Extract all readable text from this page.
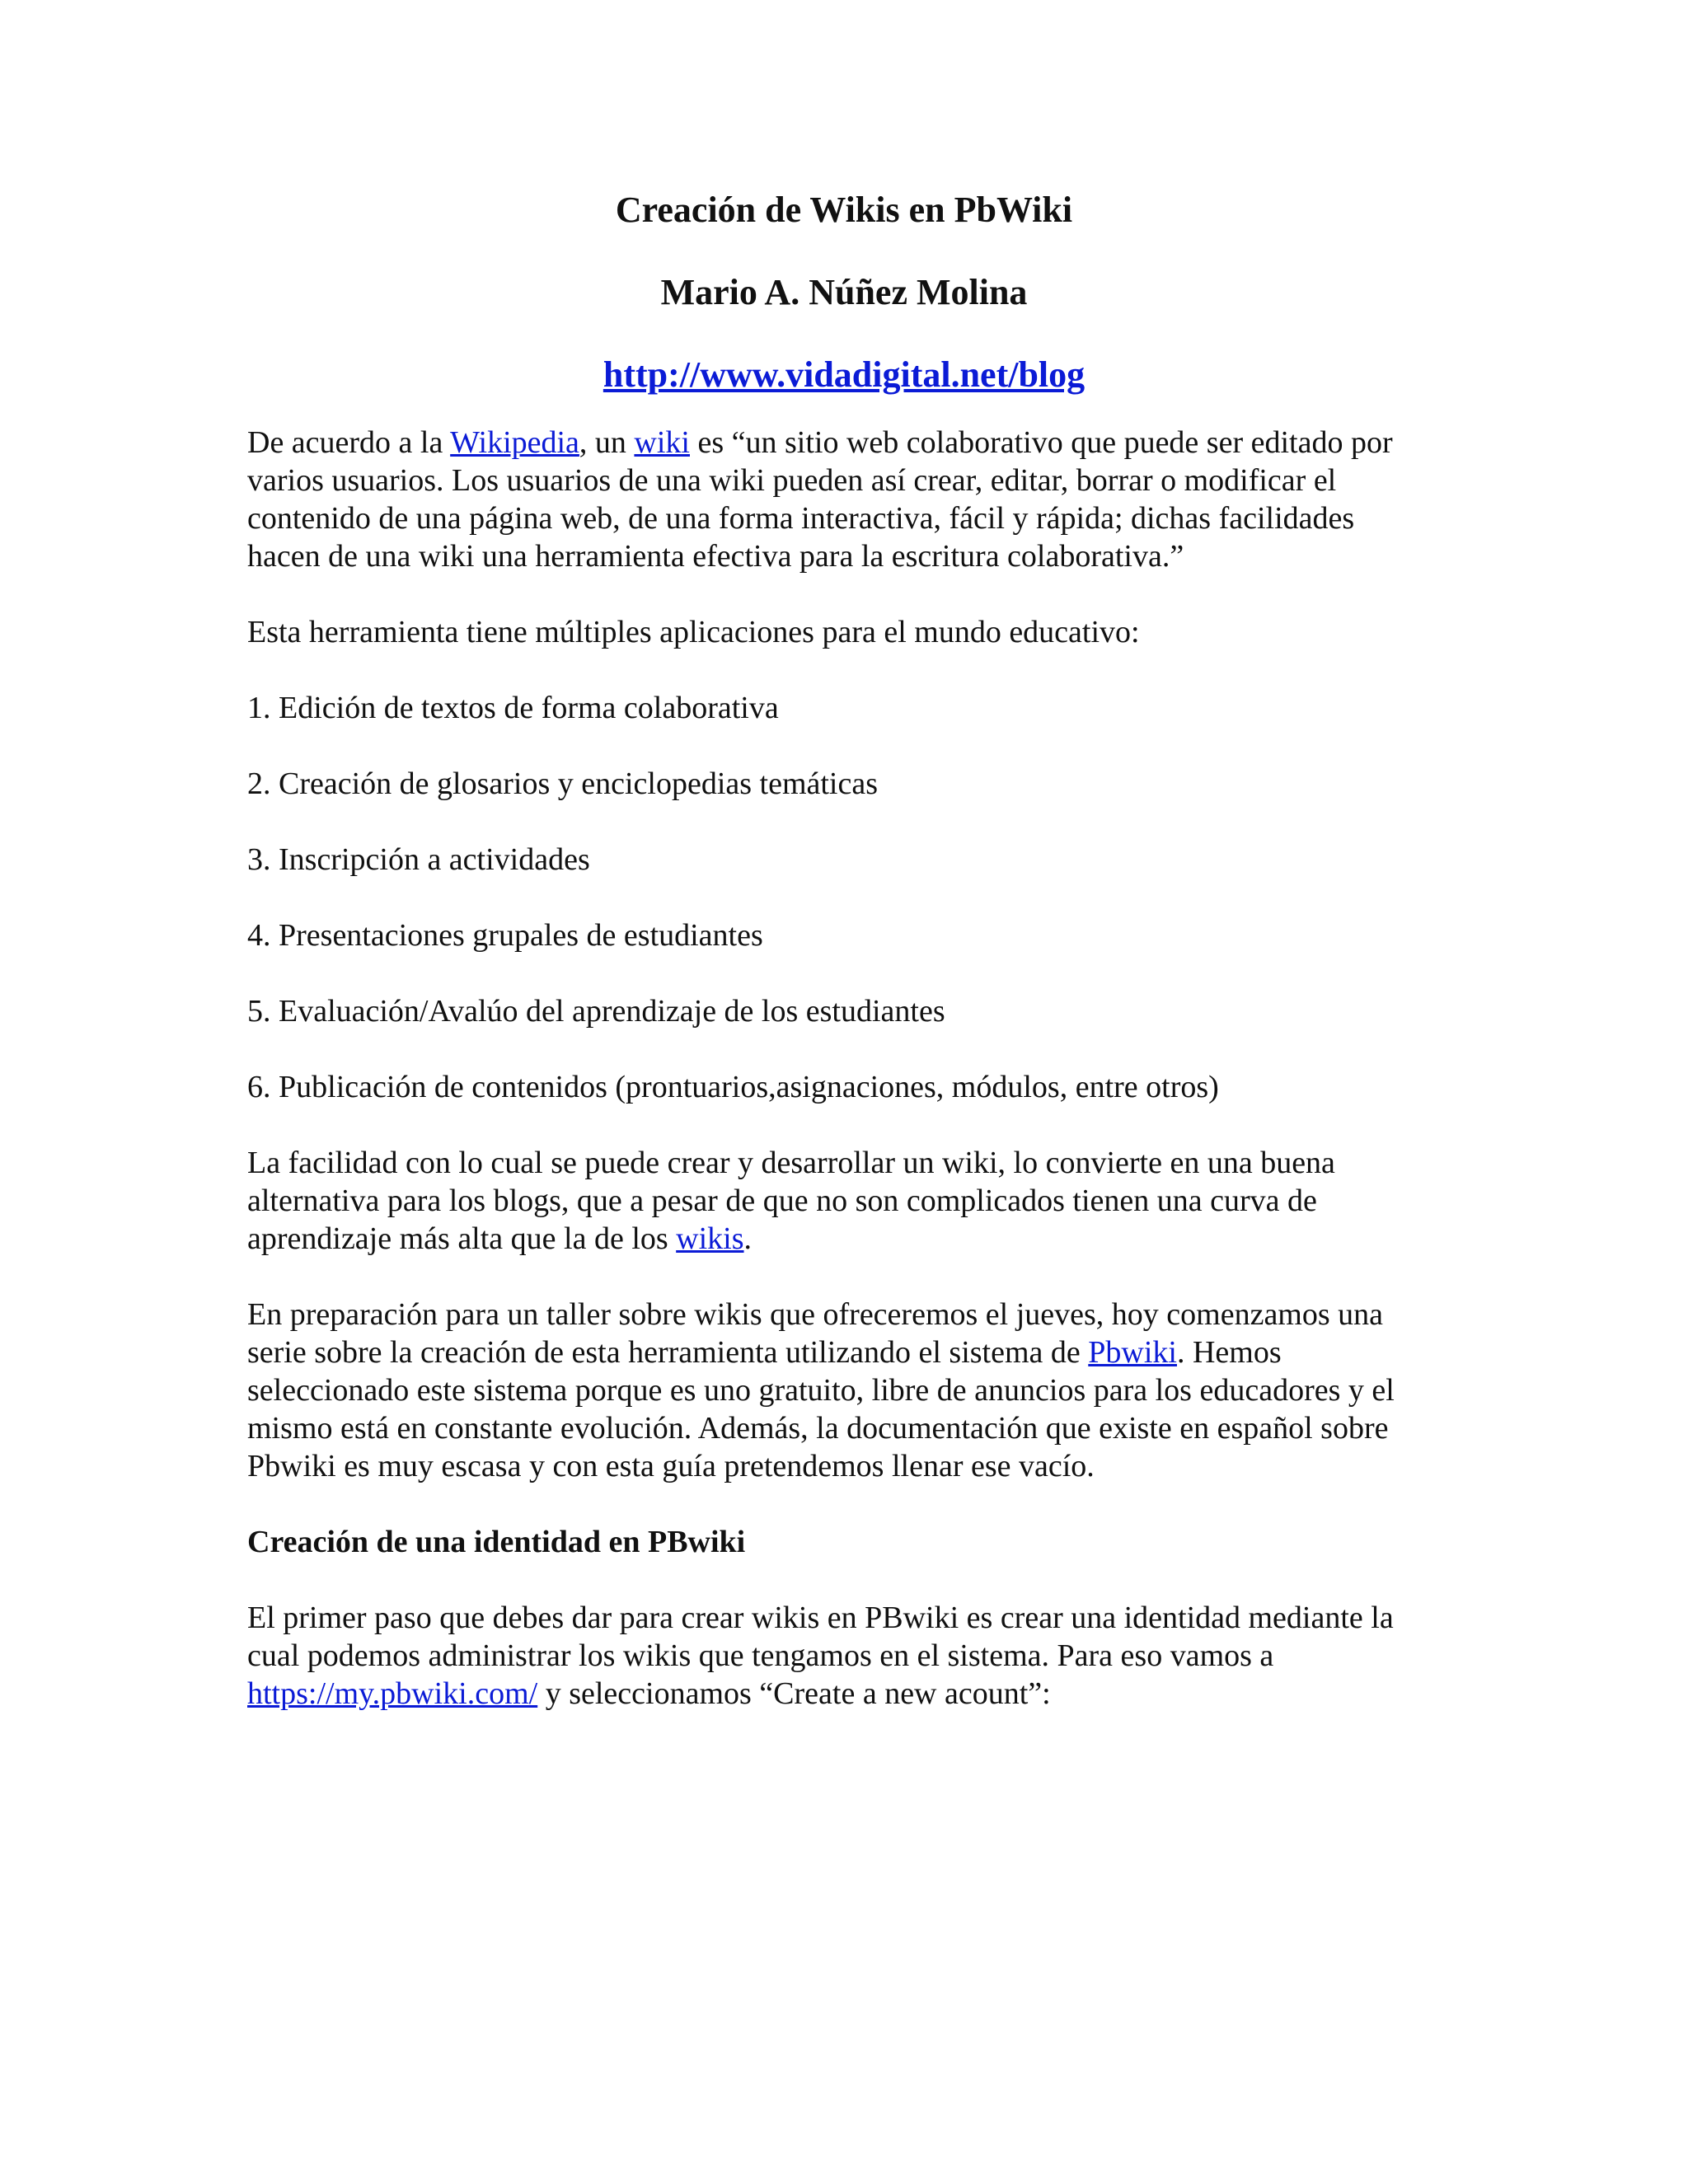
Creación de Wikis en PbWiki
Mario A. Núñez Molina
http://www.vidadigital.net/blog

De acuerdo a la Wikipedia, un wiki es “un sitio web colaborativo que puede ser editado por varios usuarios. Los usuarios de una wiki pueden así crear, editar, borrar o modificar el contenido de una página web, de una forma interactiva, fácil y rápida; dichas facilidades hacen de una wiki una herramienta efectiva para la escritura colaborativa.”

Esta herramienta tiene múltiples aplicaciones para el mundo educativo:

1. Edición de textos de forma colaborativa
2. Creación de glosarios y enciclopedias temáticas
3. Inscripción a actividades
4. Presentaciones grupales de estudiantes
5. Evaluación/Avalúo del aprendizaje de los estudiantes
6. Publicación de contenidos (prontuarios,asignaciones, módulos, entre otros)

La facilidad con lo cual se puede crear y desarrollar un wiki, lo convierte en una buena alternativa para los blogs, que a pesar de que no son complicados tienen una curva de aprendizaje más alta que la de los wikis.

En preparación para un taller sobre wikis que ofreceremos el jueves, hoy comenzamos una serie sobre la creación de esta herramienta utilizando el sistema de Pbwiki. Hemos seleccionado este sistema porque es uno gratuito, libre de anuncios para los educadores y el mismo está en constante evolución. Además, la documentación que existe en español sobre Pbwiki es muy escasa y con esta guía pretendemos llenar ese vacío.

Creación de una identidad en PBwiki

El primer paso que debes dar para crear wikis en PBwiki es crear una identidad mediante la cual podemos administrar los wikis que tengamos en el sistema. Para eso vamos a https://my.pbwiki.com/ y seleccionamos “Create a new acount”:
